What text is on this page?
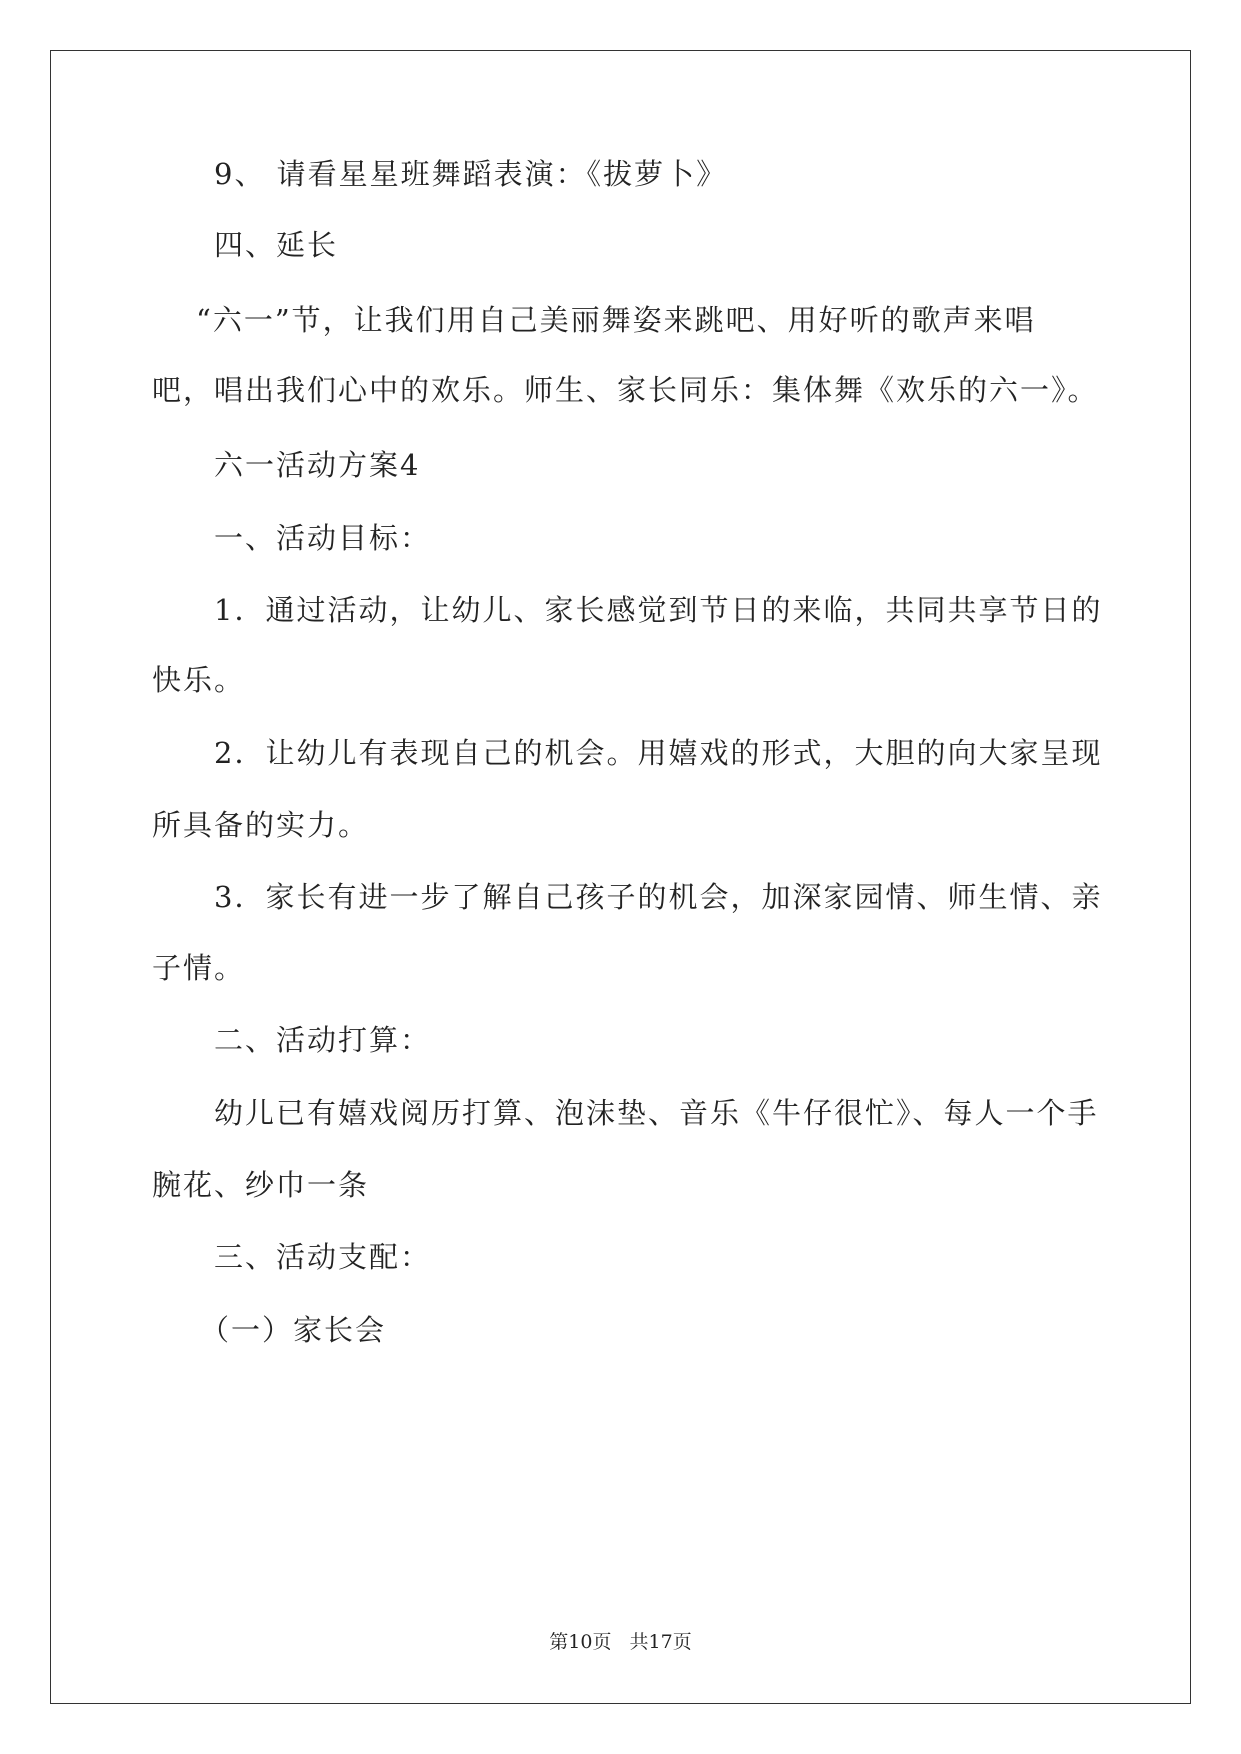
9、 请看星星班舞蹈表演：《拔萝卜》
四、延长
“六一”节，让我们用自己美丽舞姿来跳吧、用好听的歌声来唱
吧，唱出我们心中的欢乐。师生、家长同乐：集体舞《欢乐的六一》。
六一活动方案4
一、活动目标：
1．通过活动，让幼儿、家长感觉到节日的来临，共同共享节日的
快乐。
2．让幼儿有表现自己的机会。用嬉戏的形式，大胆的向大家呈现
所具备的实力。
3．家长有进一步了解自己孩子的机会，加深家园情、师生情、亲
子情。
二、活动打算：
幼儿已有嬉戏阅历打算、泡沫垫、音乐《牛仔很忙》、每人一个手
腕花、纱巾一条
三、活动支配：
（一）家长会
第10页 共17页
